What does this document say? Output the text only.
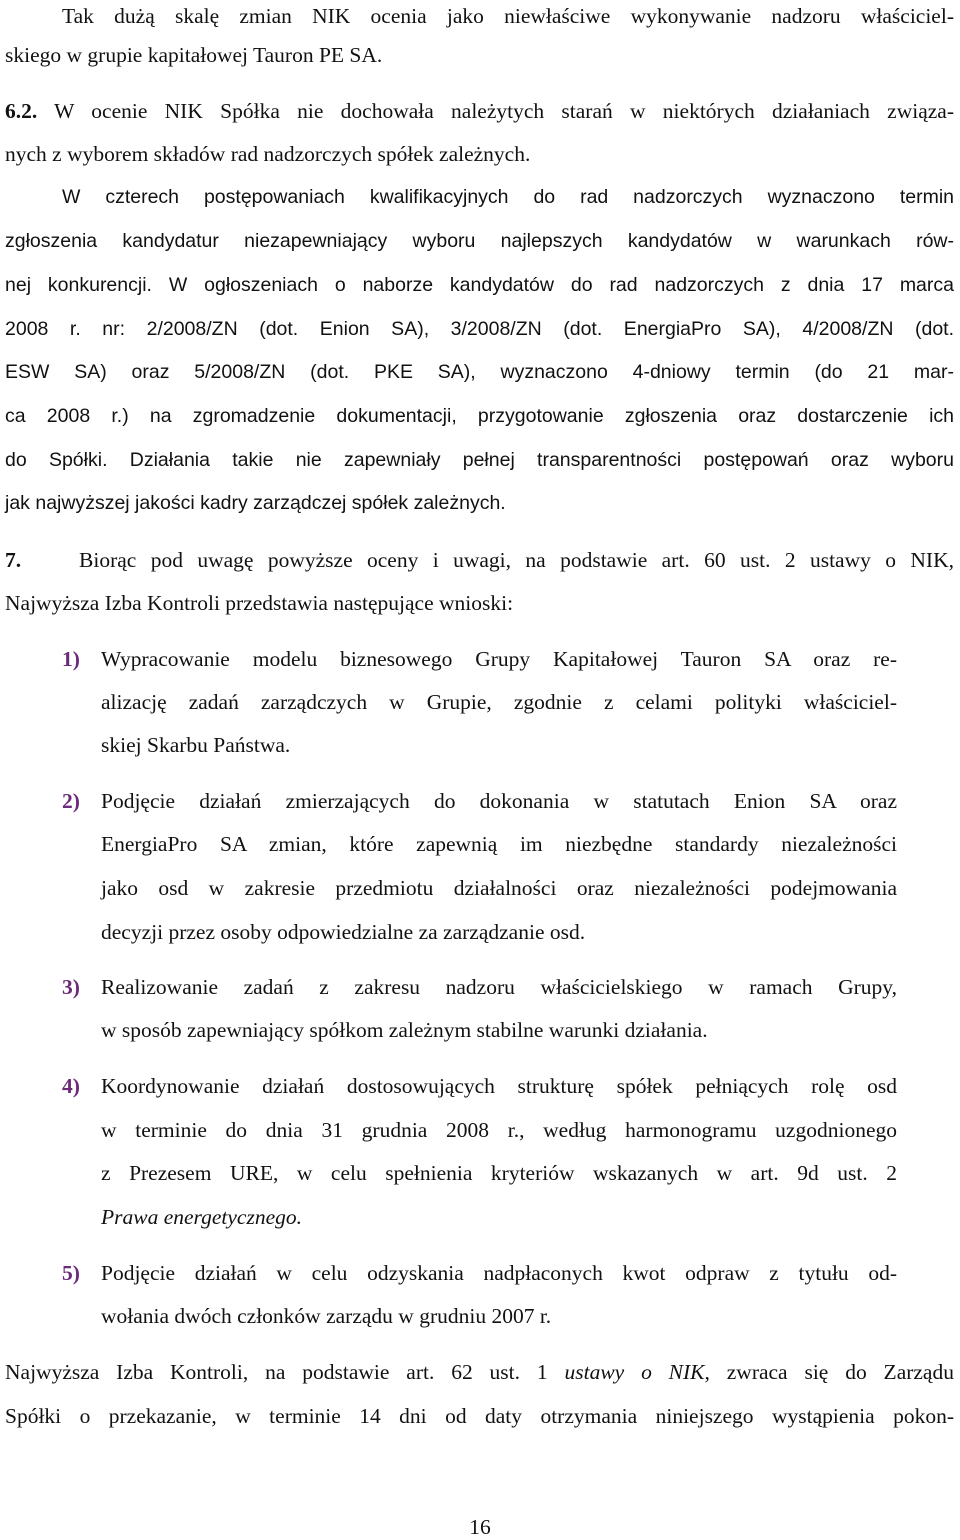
Tak dużą skalę zmian NIK ocenia jako niewłaściwe wykonywanie nadzoru właściciel-
skiego w grupie kapitałowej Tauron PE SA.
6.2. W ocenie NIK Spółka nie dochowała należytych starań w niektórych działaniach związa-
nych z wyborem składów rad nadzorczych spółek zależnych.
W czterech postępowaniach kwalifikacyjnych do rad nadzorczych wyznaczono termin
zgłoszenia kandydatur niezapewniający wyboru najlepszych kandydatów w warunkach rów-
nej konkurencji. W ogłoszeniach o naborze kandydatów do rad nadzorczych z dnia 17 marca
2008 r. nr: 2/2008/ZN (dot. Enion SA), 3/2008/ZN (dot. EnergiaPro SA), 4/2008/ZN (dot.
ESW SA) oraz 5/2008/ZN (dot. PKE SA), wyznaczono 4-dniowy termin (do 21 mar-
ca 2008 r.) na zgromadzenie dokumentacji, przygotowanie zgłoszenia oraz dostarczenie ich
do Spółki. Działania takie nie zapewniały pełnej transparentności postępowań oraz wyboru
jak najwyższej jakości kadry zarządczej spółek zależnych.
7.	Biorąc pod uwagę powyższe oceny i uwagi, na podstawie art. 60 ust. 2 ustawy o NIK,
Najwyższa Izba Kontroli przedstawia następujące wnioski:
1) Wypracowanie modelu biznesowego Grupy Kapitałowej Tauron SA oraz re-
alizację zadań zarządczych w Grupie, zgodnie z celami polityki właściciel-
skiej Skarbu Państwa.
2) Podjęcie działań zmierzających do dokonania w statutach Enion SA oraz
EnergiaPro SA zmian, które zapewnią im niezbędne standardy niezależności
jako osd w zakresie przedmiotu działalności oraz niezależności podejmowania
decyzji przez osoby odpowiedzialne za zarządzanie osd.
3) Realizowanie zadań z zakresu nadzoru właścicielskiego w ramach Grupy,
w sposób zapewniający spółkom zależnym stabilne warunki działania.
4) Koordynowanie działań dostosowujących strukturę spółek pełniących rolę osd
w terminie do dnia 31 grudnia 2008 r., według harmonogramu uzgodnionego
z Prezesem URE, w celu spełnienia kryteriów wskazanych w art. 9d ust. 2
Prawa energetycznego.
5) Podjęcie działań w celu odzyskania nadpłaconych kwot odpraw z tytułu od-
wołania dwóch członków zarządu w grudniu 2007 r.
Najwyższa Izba Kontroli, na podstawie art. 62 ust. 1 ustawy o NIK, zwraca się do Zarządu
Spółki o przekazanie, w terminie 14 dni od daty otrzymania niniejszego wystąpienia pokon-
16
